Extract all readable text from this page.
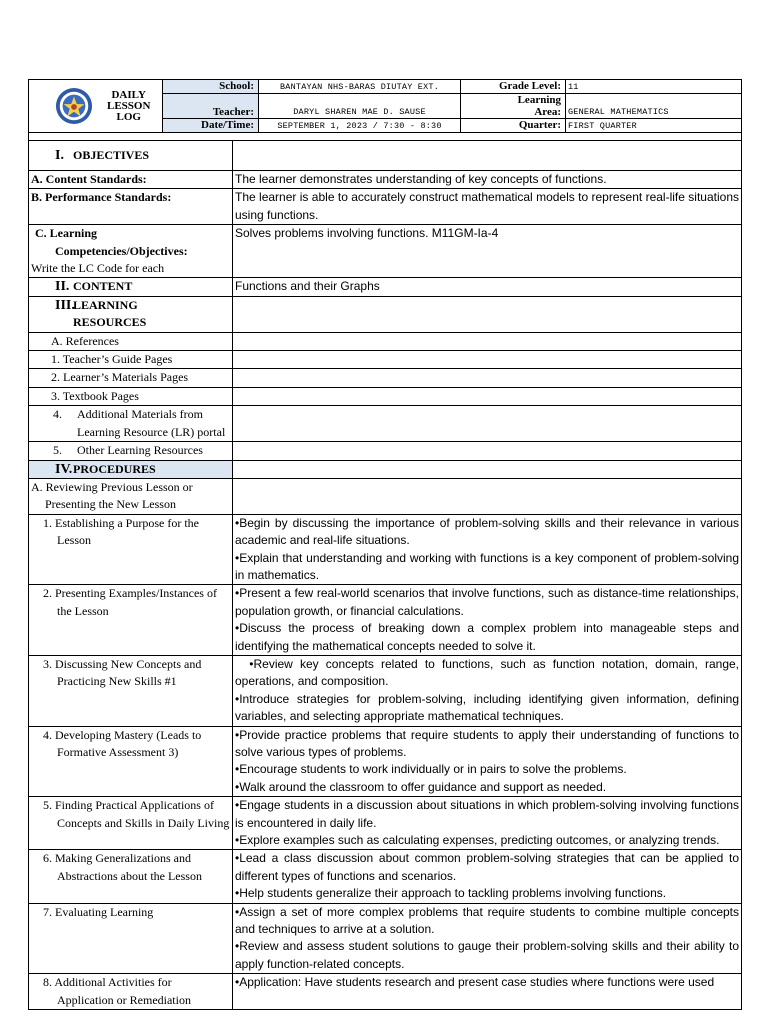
DAILY
LESSON
LOG	School:	BANTAYAN NHS-BARAS DIUTAY EXT.	Grade Level:	11
	Teacher:	DARYL SHAREN MAE D. SAUSE	Learning
Area:	GENERAL MATHEMATICS
	Date/Time:	SEPTEMBER 1, 2023 / 7:30 - 8:30	Quarter:	FIRST QUARTER

I. OBJECTIVES	
A. Content Standards:	The learner demonstrates understanding of key concepts of functions.
B. Performance Standards:	The learner is able to accurately construct mathematical models to represent real-life situations using functions.

C. Learning
Competencies/Objectives:
Write the LC Code for each	Solves problems involving functions. M11GM-Ia-4
II. CONTENT	Functions and their Graphs

III.LEARNING
RESOURCES	

A. References	
1. Teacher’s Guide Pages	
2. Learner’s Materials Pages	
3. Textbook Pages	

4. Additional Materials from Learning Resource (LR) portal	

5. Other Learning Resources	

IV.PROCEDURES	
A. Reviewing Previous Lesson or Presenting the New Lesson	
1. Establishing a Purpose for the Lesson	•Begin by discussing the importance of problem-solving skills and their relevance in various academic and real-life situations.
•Explain that understanding and working with functions is a key component of problem-solving in mathematics.

2. Presenting Examples/Instances of the Lesson	•Present a few real-world scenarios that involve functions, such as distance-time relationships, population growth, or financial calculations.
•Discuss the process of breaking down a complex problem into manageable steps and identifying the mathematical concepts needed to solve it.

3. Discussing New Concepts and Practicing New Skills #1	•Review key concepts related to functions, such as function notation, domain, range, operations, and composition.
•Introduce strategies for problem-solving, including identifying given information, defining variables, and selecting appropriate mathematical techniques.

4. Developing Mastery (Leads to Formative Assessment 3)	•Provide practice problems that require students to apply their understanding of functions to solve various types of problems.
•Encourage students to work individually or in pairs to solve the problems.
•Walk around the classroom to offer guidance and support as needed.

5. Finding Practical Applications of Concepts and Skills in Daily Living	•Engage students in a discussion about situations in which problem-solving involving functions is encountered in daily life.
•Explore examples such as calculating expenses, predicting outcomes, or analyzing trends.

6. Making Generalizations and Abstractions about the Lesson	•Lead a class discussion about common problem-solving strategies that can be applied to different types of functions and scenarios.
•Help students generalize their approach to tackling problems involving functions.

7. Evaluating Learning	•Assign a set of more complex problems that require students to combine multiple concepts and techniques to arrive at a solution.
•Review and assess student solutions to gauge their problem-solving skills and their ability to apply function-related concepts.

8. Additional Activities for Application or Remediation	•Application: Have students research and present case studies where functions were used
